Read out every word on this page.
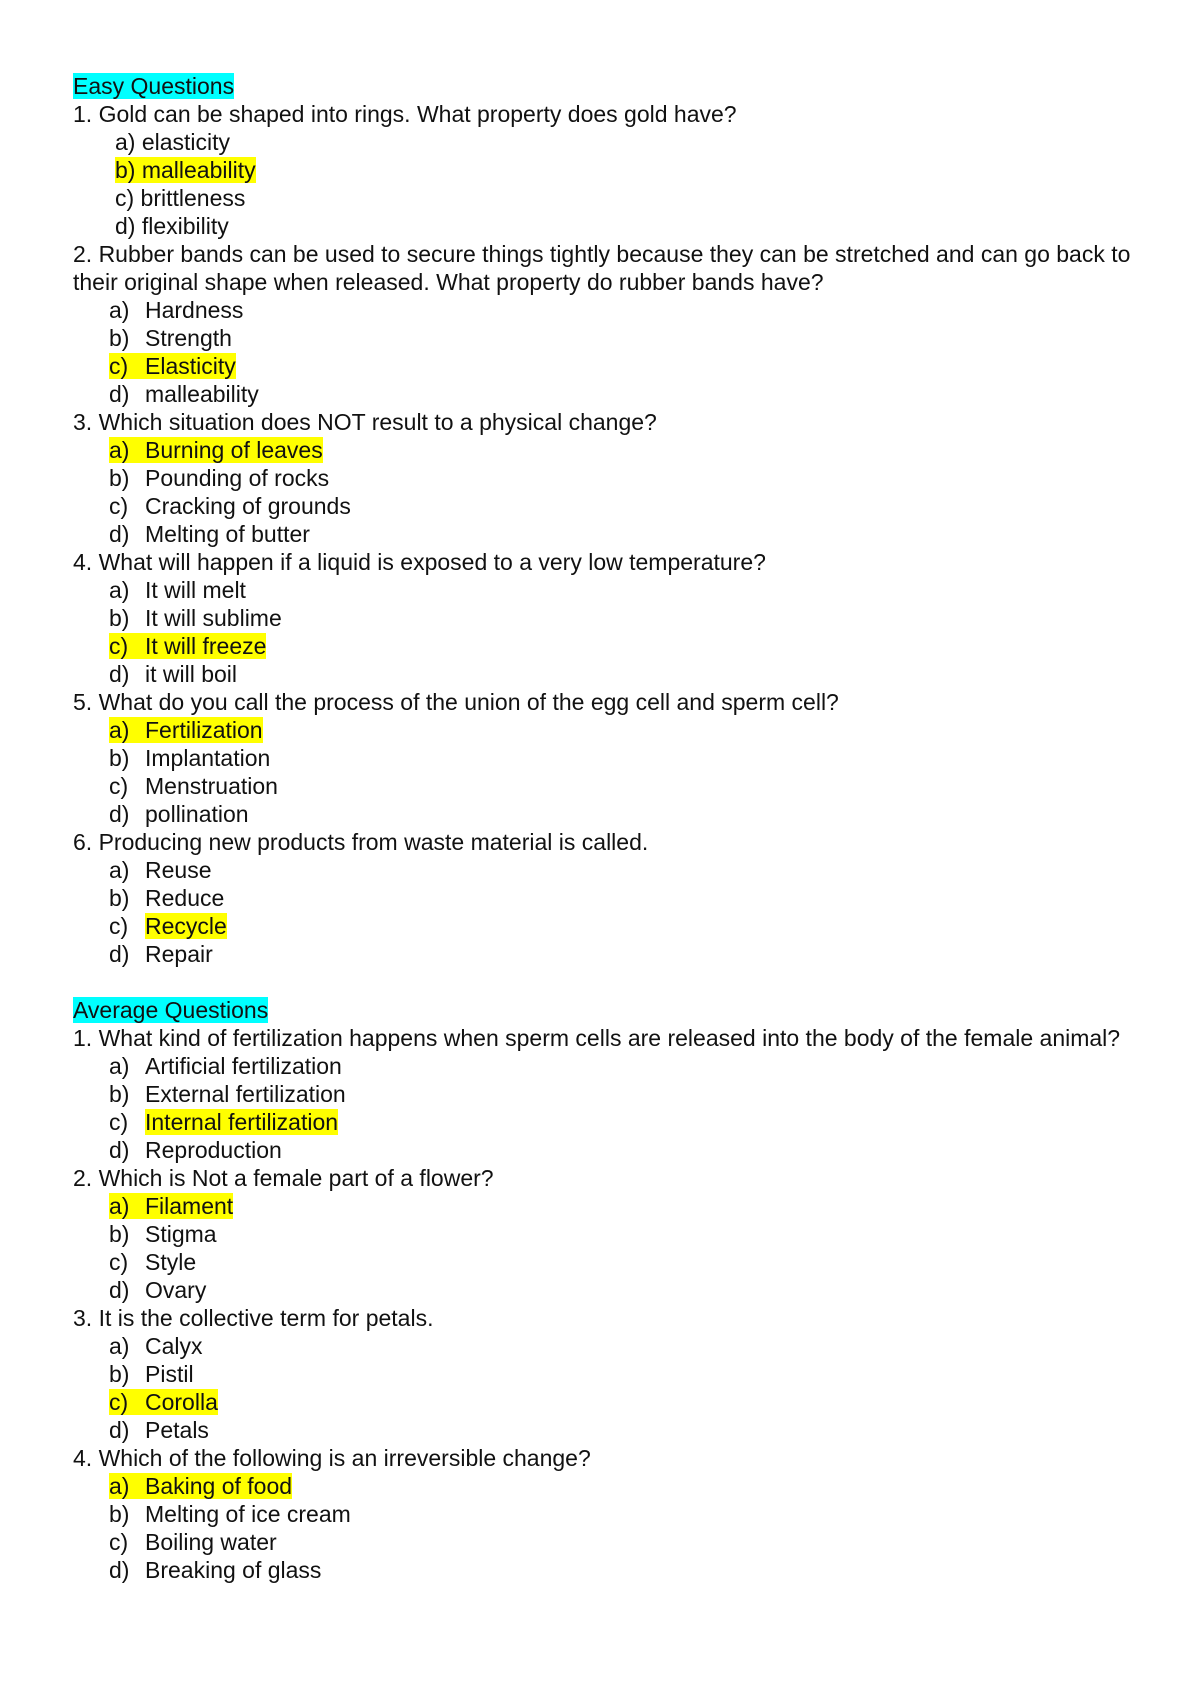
Easy Questions
1. Gold can be shaped into rings. What property does gold have?
a) elasticity
b) malleability
c) brittleness
d) flexibility
2. Rubber bands can be used to secure things tightly because they can be stretched and can go back to their original shape when released. What property do rubber bands have?
a) Hardness
b) Strength
c) Elasticity
d) malleability
3. Which situation does NOT result to a physical change?
a) Burning of leaves
b) Pounding of rocks
c) Cracking of grounds
d) Melting of butter
4. What will happen if a liquid is exposed to a very low temperature?
a) It will melt
b) It will sublime
c) It will freeze
d) it will boil
5. What do you call the process of the union of the egg cell and sperm cell?
a) Fertilization
b) Implantation
c) Menstruation
d) pollination
6. Producing new products from waste material is called.
a) Reuse
b) Reduce
c) Recycle
d) Repair
Average Questions
1. What kind of fertilization happens when sperm cells are released into the body of the female animal?
a) Artificial fertilization
b) External fertilization
c) Internal fertilization
d) Reproduction
2. Which is Not a female part of a flower?
a) Filament
b) Stigma
c) Style
d) Ovary
3. It is the collective term for petals.
a) Calyx
b) Pistil
c) Corolla
d) Petals
4. Which of the following is an irreversible change?
a) Baking of food
b) Melting of ice cream
c) Boiling water
d) Breaking of glass
